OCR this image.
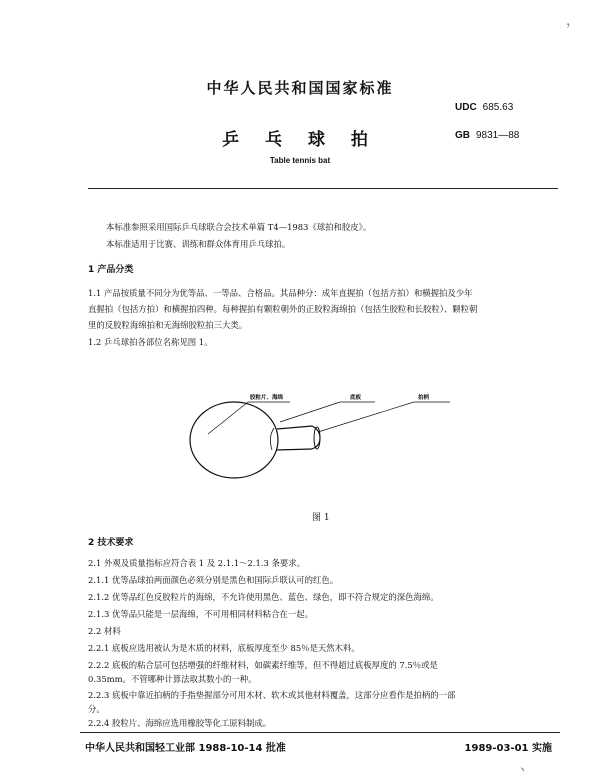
中华人民共和国国家标准
UDC 685.63
乒 乓 球 拍	GB 9831—88
Table tennis bat
本标准参照采用国际乒乓球联合会技术单篇 T4—1983《球拍和胶皮》。
本标准适用于比赛、训练和群众体育用乒乓球拍。
1 产品分类
1.1 产品按质量不同分为优等品、一等品、合格品。其品种分：成年直握拍（包括方拍）和横握拍及少年
直握拍（包括方拍）和横握拍四种。每种握拍有颗粒朝外的正胶粒海绵拍（包括生胶粒和长胶粒）、颗粒朝
里的反胶粒海绵拍和无海绵胶粒拍三大类。
1.2 乒乓球拍各部位名称见图 1。
胶粒片、海绵	底板	拍柄
图 1
2 技术要求
2.1 外观及质量指标应符合表 1 及 2.1.1～2.1.3 条要求。
2.1.1 优等品球拍两面颜色必须分别是黑色和国际乒联认可的红色。
2.1.2 优等品红色反胶粒片的海绵，不允许使用黑色、蓝色、绿色，即不符合规定的深色海绵。
2.1.3 优等品只能是一层海绵，不可用相同材料粘合在一起。
2.2 材料
2.2.1 底板应选用被认为是木质的材料，底板厚度至少 85％是天然木料。
2.2.2 底板的粘合层可包括增强的纤维材料，如碳素纤维等，但不得超过底板厚度的 7.5％或是
0.35mm。不管哪种计算法取其数小的一种。
2.2.3 底板中靠近拍柄的手指垫握部分可用木材、软木或其他材料覆盖，这部分应看作是拍柄的一部
分。
2.2.4 胶粒片、海绵应选用橡胶等化工原料制成。
中华人民共和国轻工业部 1988-10-14 批准	1989-03-01 实施
，
、
